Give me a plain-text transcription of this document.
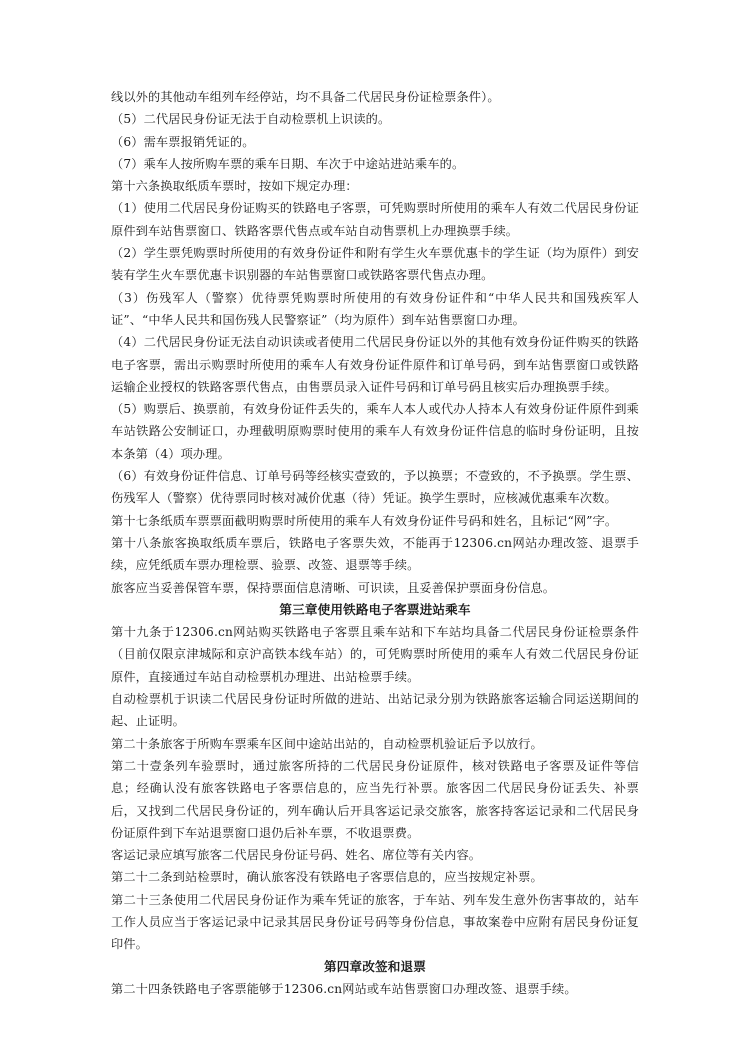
线以外的其他动车组列车经停站，均不具备二代居民身份证检票条件）。

（5）二代居民身份证无法于自动检票机上识读的。

（6）需车票报销凭证的。

（7）乘车人按所购车票的乘车日期、车次于中途站进站乘车的。

第十六条换取纸质车票时，按如下规定办理：

（1）使用二代居民身份证购买的铁路电子客票，可凭购票时所使用的乘车人有效二代居民身份证原件到车站售票窗口、铁路客票代售点或车站自动售票机上办理换票手续。

（2）学生票凭购票时所使用的有效身份证件和附有学生火车票优惠卡的学生证（均为原件）到安装有学生火车票优惠卡识别器的车站售票窗口或铁路客票代售点办理。

（3）伤残军人（警察）优待票凭购票时所使用的有效身份证件和“中华人民共和国残疾军人证”、“中华人民共和国伤残人民警察证”（均为原件）到车站售票窗口办理。

（4）二代居民身份证无法自动识读或者使用二代居民身份证以外的其他有效身份证件购买的铁路电子客票，需出示购票时所使用的乘车人有效身份证件原件和订单号码，到车站售票窗口或铁路运输企业授权的铁路客票代售点，由售票员录入证件号码和订单号码且核实后办理换票手续。

（5）购票后、换票前，有效身份证件丢失的，乘车人本人或代办人持本人有效身份证件原件到乘车站铁路公安制证口，办理截明原购票时使用的乘车人有效身份证件信息的临时身份证明，且按本条第（4）项办理。

（6）有效身份证件信息、订单号码等经核实壹致的，予以换票；不壹致的，不予换票。学生票、伤残军人（警察）优待票同时核对减价优惠（待）凭证。换学生票时，应核减优惠乘车次数。

第十七条纸质车票票面截明购票时所使用的乘车人有效身份证件号码和姓名，且标记“网”字。

第十八条旅客换取纸质车票后，铁路电子客票失效，不能再于12306.cn网站办理改签、退票手续，应凭纸质车票办理检票、验票、改签、退票等手续。

旅客应当妥善保管车票，保持票面信息清晰、可识读，且妥善保护票面身份信息。

第三章使用铁路电子客票进站乘车

第十九条于12306.cn网站购买铁路电子客票且乘车站和下车站均具备二代居民身份证检票条件（目前仅限京津城际和京沪高铁本线车站）的，可凭购票时所使用的乘车人有效二代居民身份证原件，直接通过车站自动检票机办理进、出站检票手续。

自动检票机于识读二代居民身份证时所做的进站、出站记录分别为铁路旅客运输合同运送期间的起、止证明。

第二十条旅客于所购车票乘车区间中途站出站的，自动检票机验证后予以放行。

第二十壹条列车验票时，通过旅客所持的二代居民身份证原件，核对铁路电子客票及证件等信息；经确认没有旅客铁路电子客票信息的，应当先行补票。旅客因二代居民身份证丢失、补票后，又找到二代居民身份证的，列车确认后开具客运记录交旅客，旅客持客运记录和二代居民身份证原件到下车站退票窗口退仍后补车票，不收退票费。

客运记录应填写旅客二代居民身份证号码、姓名、席位等有关内容。

第二十二条到站检票时，确认旅客没有铁路电子客票信息的，应当按规定补票。

第二十三条使用二代居民身份证作为乘车凭证的旅客，于车站、列车发生意外伤害事故的，站车工作人员应当于客运记录中记录其居民身份证号码等身份信息，事故案卷中应附有居民身份证复印件。

第四章改签和退票

第二十四条铁路电子客票能够于12306.cn网站或车站售票窗口办理改签、退票手续。
